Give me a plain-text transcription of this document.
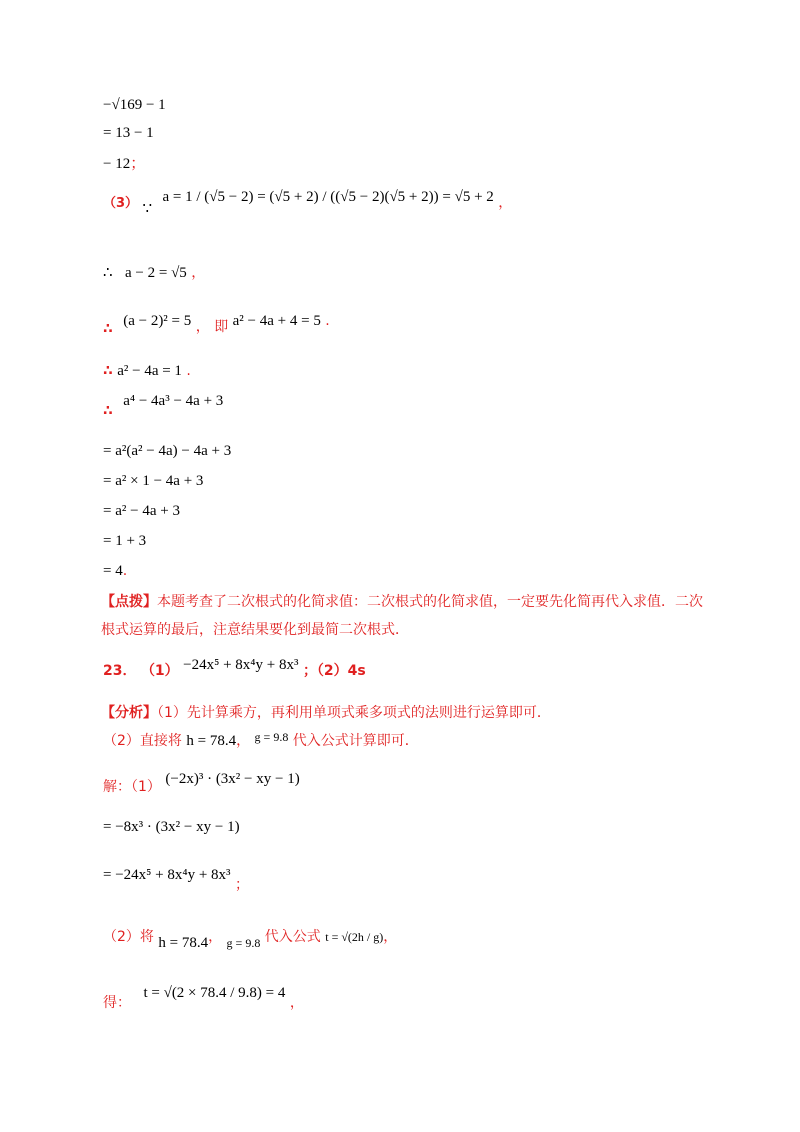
−√169 − 1
= 13 − 1
− 12；
（3） ∵ a = 1 / (√5 − 2) = (√5 + 2) / ((√5 − 2)(√5 + 2)) = √5 + 2 ，
∴ a − 2 = √5 ，
∴ (a − 2)² = 5 ， 即 a² − 4a + 4 = 5 .
∴ a² − 4a = 1 .
∴ a⁴ − 4a³ − 4a + 3
= a²(a² − 4a) − 4a + 3
= a² × 1 − 4a + 3
= a² − 4a + 3
= 1 + 3
= 4.
【点拨】本题考查了二次根式的化简求值：二次根式的化简求值，一定要先化简再代入求值．二次根式运算的最后，注意结果要化到最简二次根式．
23． （1） −24x⁵ + 8x⁴y + 8x³ ；（2）4s
【分析】（1）先计算乘方，再利用单项式乘多项式的法则进行运算即可．
（2）直接将 h = 78.4， g = 9.8 代入公式计算即可．
解：（1） (−2x)³ · (3x² − xy − 1)
= −8x³ · (3x² − xy − 1)
= −24x⁵ + 8x⁴y + 8x³ ；
（2）将 h = 78.4， g = 9.8 代入公式 t = √(2h / g)，
得： t = √(2 × 78.4 / 9.8) = 4 ，
